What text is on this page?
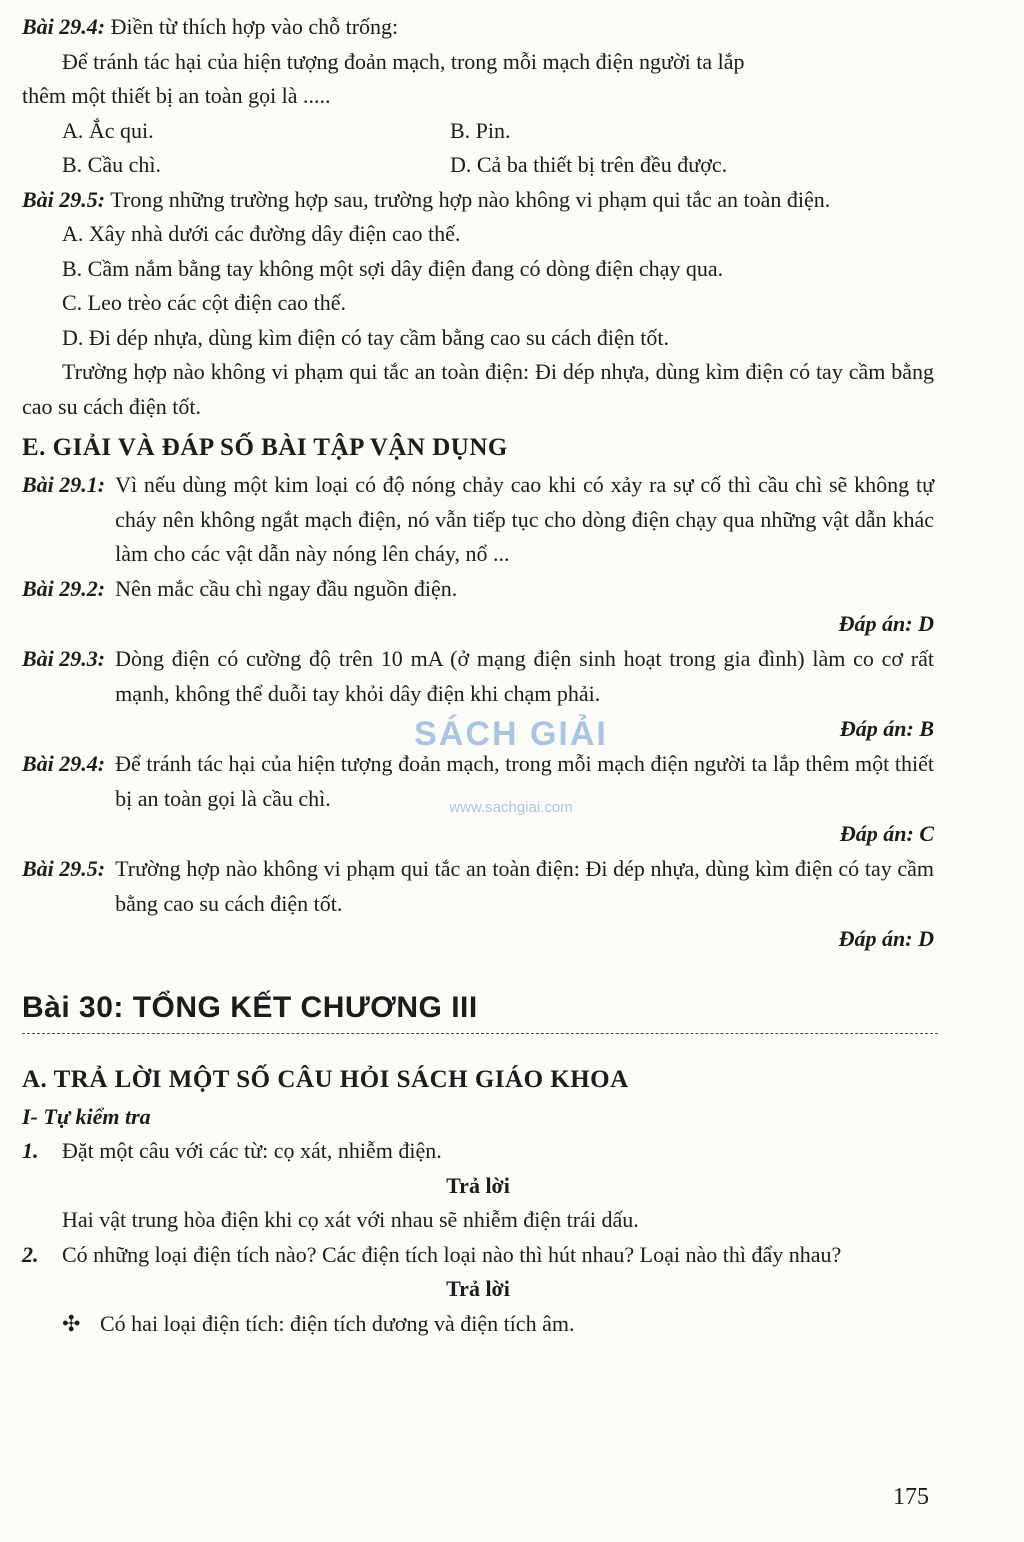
Bài 29.4: Điền từ thích hợp vào chỗ trống:

Để tránh tác hại của hiện tượng đoản mạch, trong mỗi mạch điện người ta lắp

thêm một thiết bị an toàn gọi là .....

A. Ắc qui.	B. Pin.
B. Cầu chì.	D. Cả ba thiết bị trên đều được.
Bài 29.5: Trong những trường hợp sau, trường hợp nào không vi phạm qui tắc an toàn điện.

A. Xây nhà dưới các đường dây điện cao thế.

B. Cầm nắm bằng tay không một sợi dây điện đang có dòng điện chạy qua.

C. Leo trèo các cột điện cao thế.

D. Đi dép nhựa, dùng kìm điện có tay cầm bằng cao su cách điện tốt.

Trường hợp nào không vi phạm qui tắc an toàn điện: Đi dép nhựa, dùng kìm điện có tay cầm bằng cao su cách điện tốt.

E. GIẢI VÀ ĐÁP SỐ BÀI TẬP VẬN DỤNG

Bài 29.1: Vì nếu dùng một kim loại có độ nóng chảy cao khi có xảy ra sự cố thì cầu chì sẽ không tự cháy nên không ngắt mạch điện, nó vẫn tiếp tục cho dòng điện chạy qua những vật dẫn khác làm cho các vật dẫn này nóng lên cháy, nổ ...
Bài 29.2: Nên mắc cầu chì ngay đầu nguồn điện.

Đáp án: D

Bài 29.3: Dòng điện có cường độ trên 10 mA (ở mạng điện sinh hoạt trong gia đình) làm co cơ rất mạnh, không thể duỗi tay khỏi dây điện khi chạm phải.

Đáp án: B

Bài 29.4: Để tránh tác hại của hiện tượng đoản mạch, trong mỗi mạch điện người ta lắp thêm một thiết bị an toàn gọi là cầu chì.

Đáp án: C

Bài 29.5: Trường hợp nào không vi phạm qui tắc an toàn điện: Đi dép nhựa, dùng kìm điện có tay cầm bằng cao su cách điện tốt.

Đáp án: D

Bài 30: TỔNG KẾT CHƯƠNG III

A. TRẢ LỜI MỘT SỐ CÂU HỎI SÁCH GIÁO KHOA

I- Tự kiểm tra

1.	Đặt một câu với các từ: cọ xát, nhiễm điện.

Trả lời

Hai vật trung hòa điện khi cọ xát với nhau sẽ nhiễm điện trái dấu.

2.	Có những loại điện tích nào? Các điện tích loại nào thì hút nhau? Loại nào thì đẩy nhau?

Trả lời

✣ Có hai loại điện tích: điện tích dương và điện tích âm.
SÁCH GIẢI
www.sachgiai.com
175
